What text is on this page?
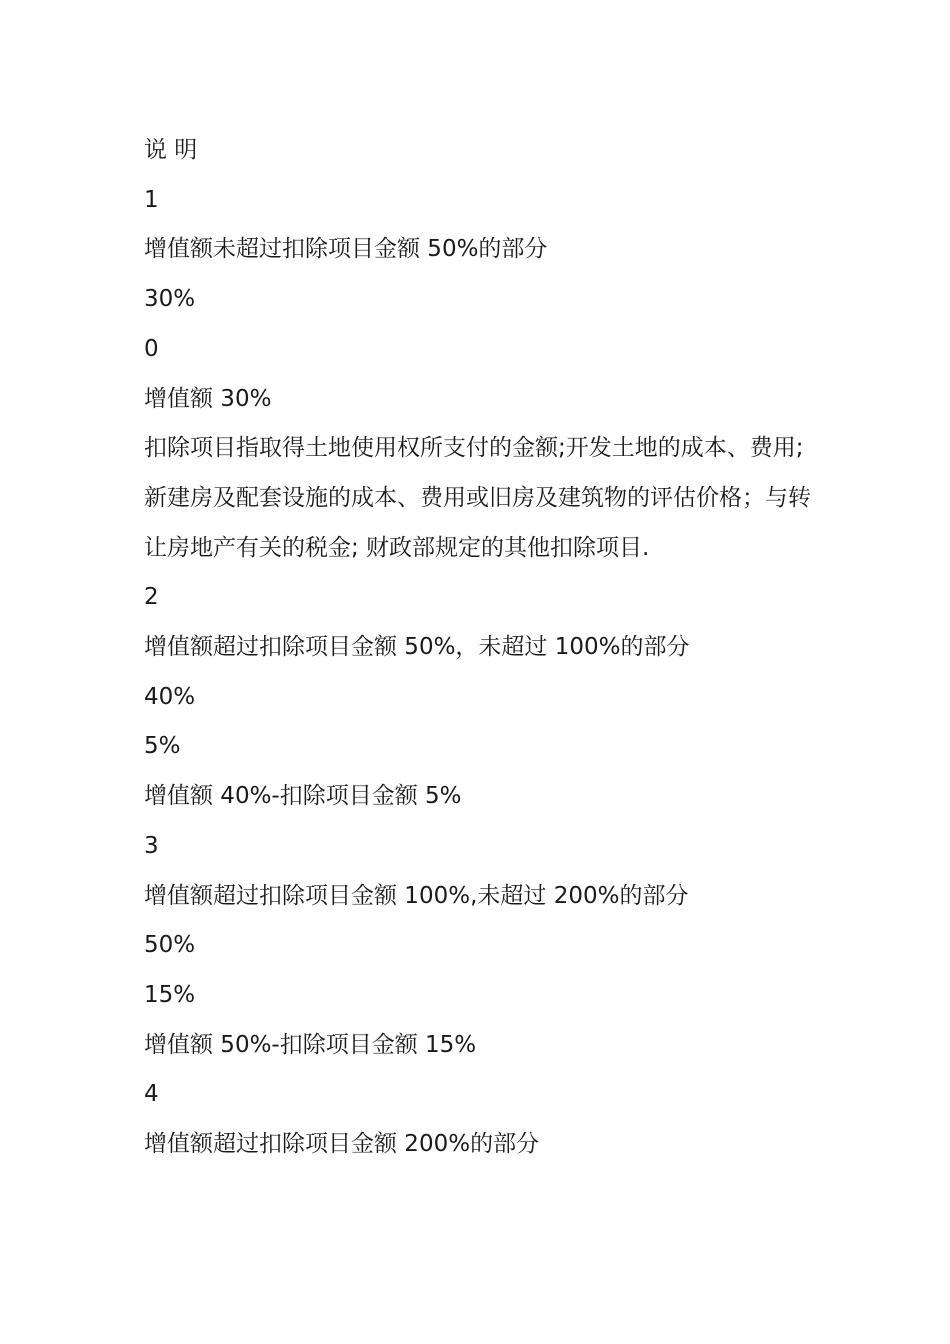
说 明
1
增值额未超过扣除项目金额 50%的部分
30%
0
增值额 30%
扣除项目指取得土地使用权所支付的金额;开发土地的成本、费用;新建房及配套设施的成本、费用或旧房及建筑物的评估价格；与转让房地产有关的税金; 财政部规定的其他扣除项目.
2
增值额超过扣除项目金额 50%，未超过 100%的部分
40%
5%
增值额 40%-扣除项目金额 5%
3
增值额超过扣除项目金额 100%,未超过 200%的部分
50%
15%
增值额 50%-扣除项目金额 15%
4
增值额超过扣除项目金额 200%的部分
